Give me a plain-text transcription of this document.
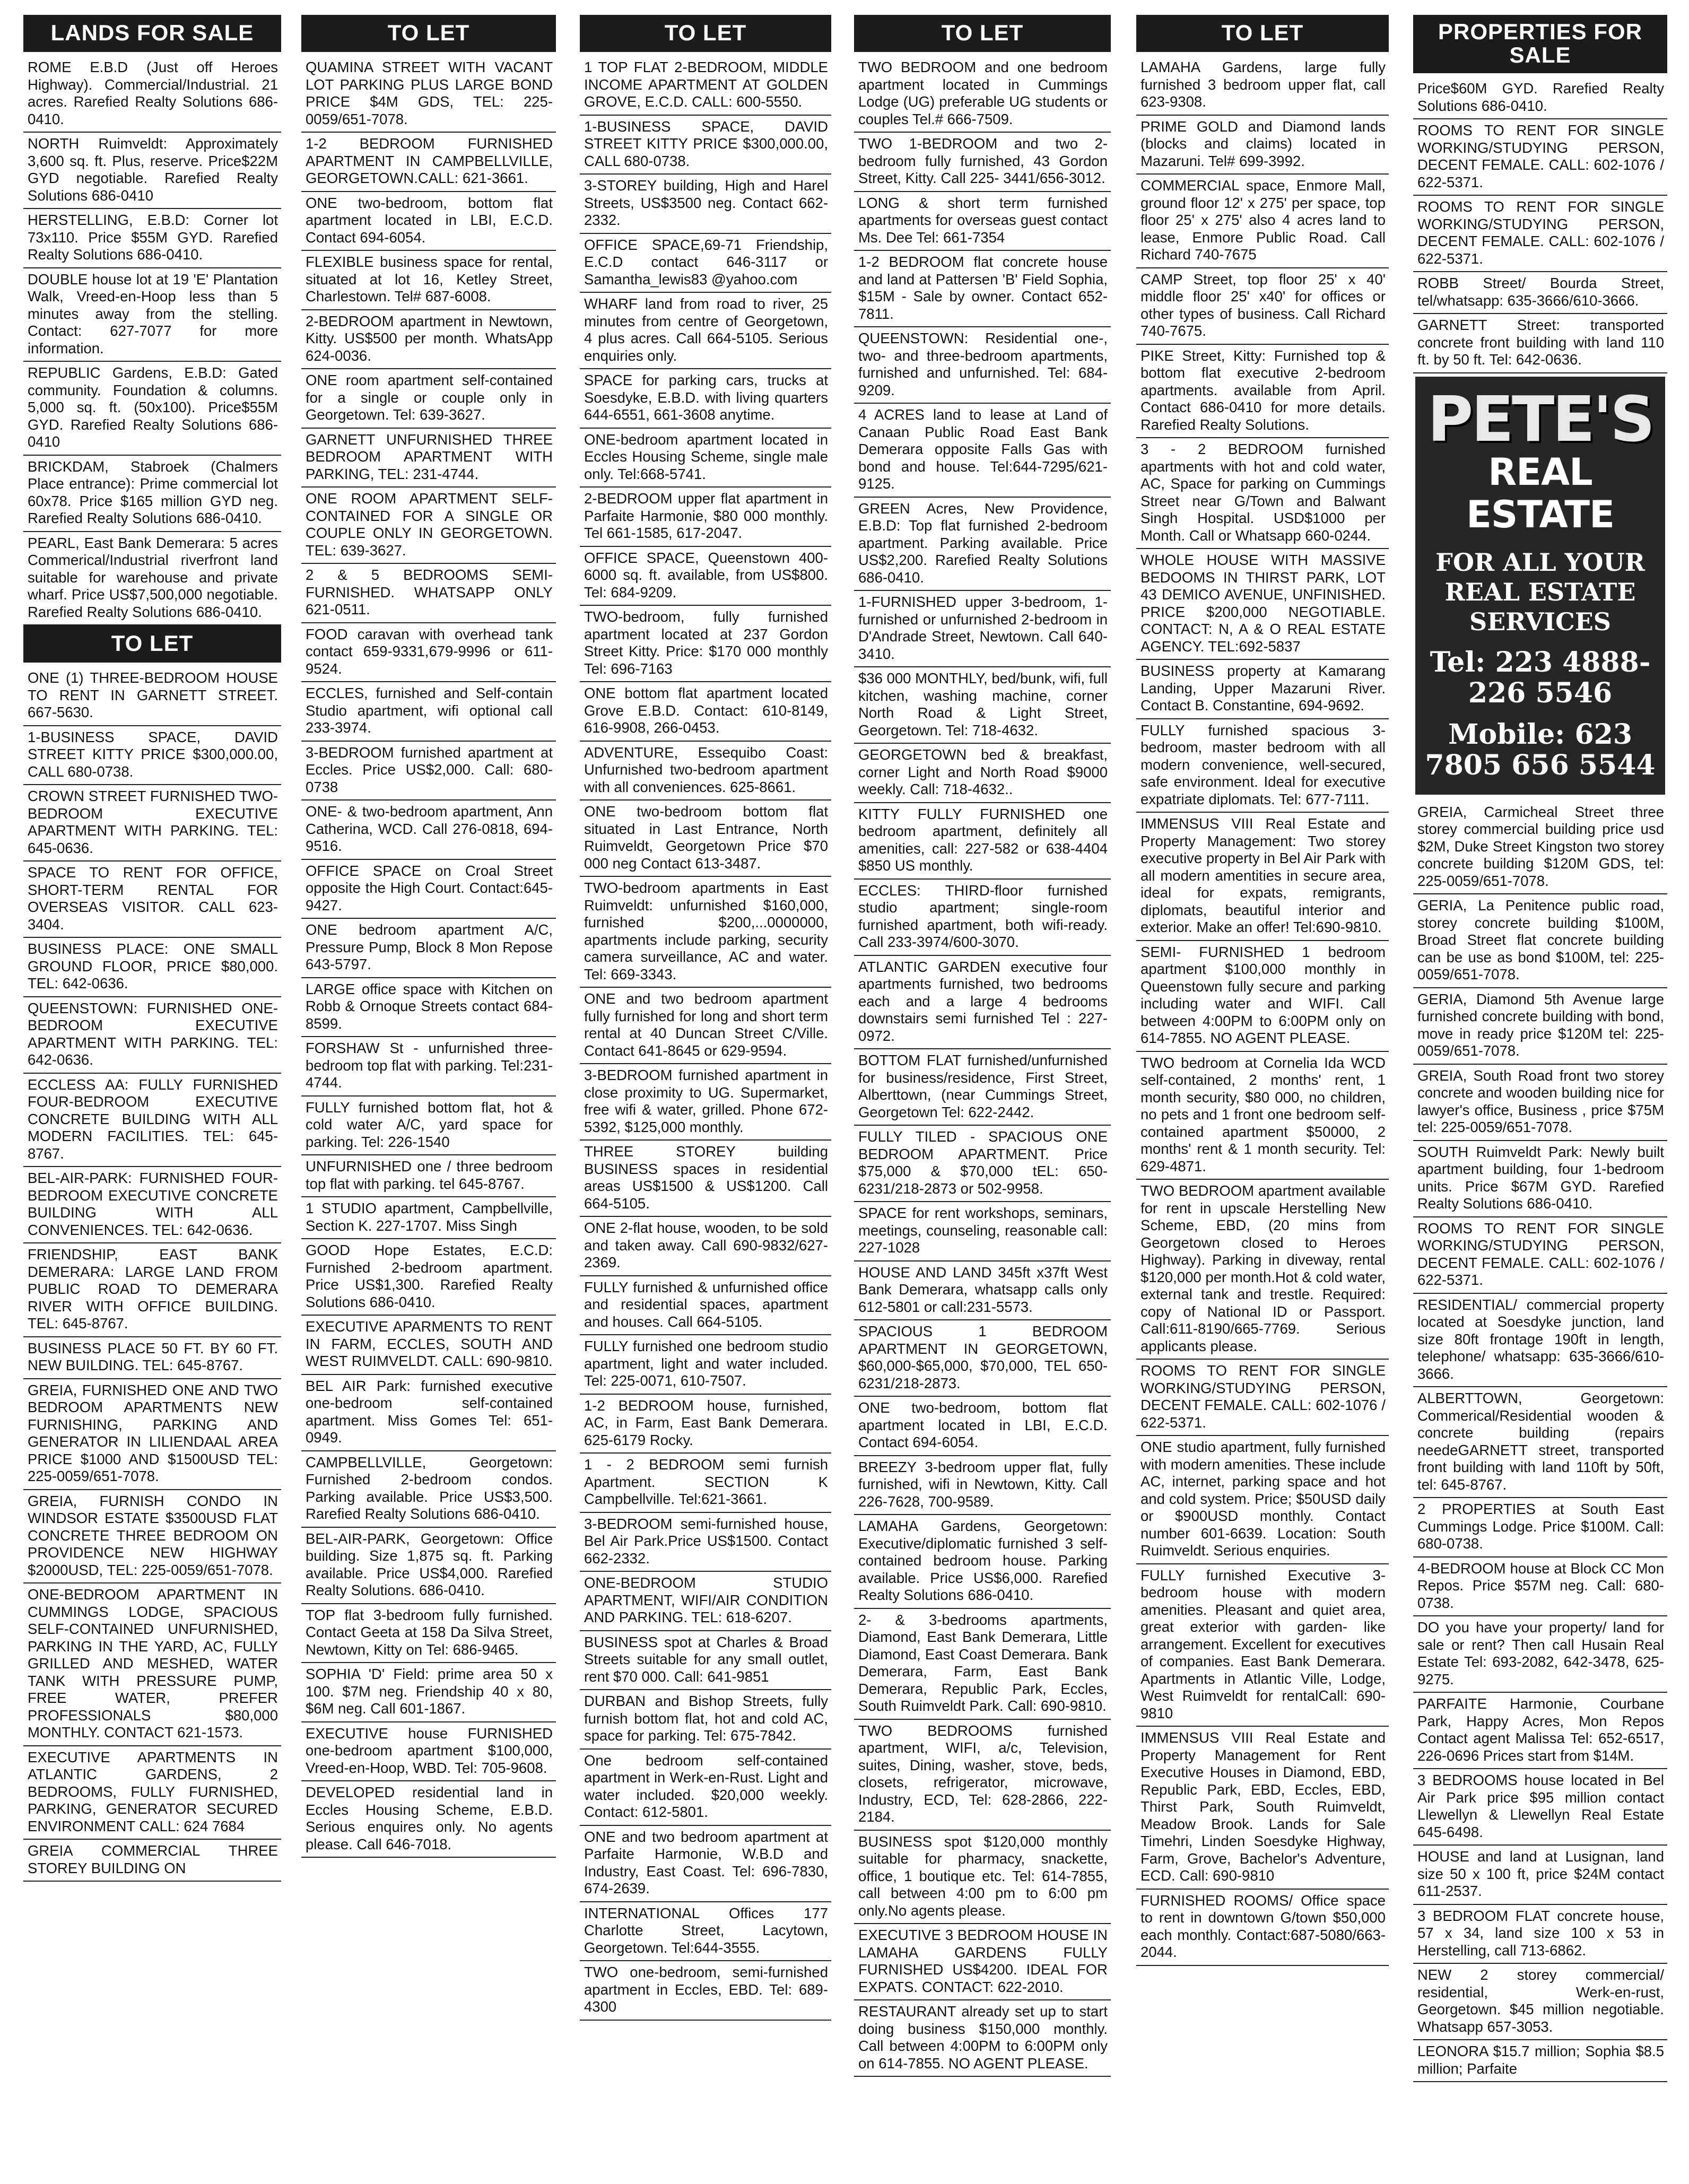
LANDS FOR SALE
ROME E.B.D (Just off Heroes Highway). Commercial/Industrial. 21 acres. Rarefied Realty Solutions 686-0410.
NORTH Ruimveldt: Approximately 3,600 sq. ft. Plus, reserve. Price$22M GYD negotiable. Rarefied Realty Solutions 686-0410
HERSTELLING, E.B.D: Corner lot 73x110. Price $55M GYD. Rarefied Realty Solutions 686-0410.
DOUBLE house lot at 19 'E' Plantation Walk, Vreed-en-Hoop less than 5 minutes away from the stelling. Contact: 627-7077 for more information.
REPUBLIC Gardens, E.B.D: Gated community. Foundation & columns. 5,000 sq. ft. (50x100). Price$55M GYD. Rarefied Realty Solutions 686-0410
BRICKDAM, Stabroek (Chalmers Place entrance): Prime commercial lot 60x78. Price $165 million GYD neg. Rarefied Realty Solutions 686-0410.
PEARL, East Bank Demerara: 5 acres Commerical/Industrial riverfront land suitable for warehouse and private wharf. Price US$7,500,000 negotiable. Rarefied Realty Solutions 686-0410.
TO LET
ONE (1) THREE-BEDROOM HOUSE TO RENT IN GARNETT STREET. 667-5630.
1-BUSINESS SPACE, DAVID STREET KITTY PRICE $300,000.00, CALL 680-0738.
CROWN STREET FURNISHED TWO-BEDROOM EXECUTIVE APARTMENT WITH PARKING. TEL: 645-0636.
SPACE TO RENT FOR OFFICE, SHORT-TERM RENTAL FOR OVERSEAS VISITOR. CALL 623-3404.
BUSINESS PLACE: ONE SMALL GROUND FLOOR, PRICE $80,000. TEL: 642-0636.
QUEENSTOWN: FURNISHED ONE-BEDROOM EXECUTIVE APARTMENT WITH PARKING. TEL: 642-0636.
ECCLESS AA: FULLY FURNISHED FOUR-BEDROOM EXECUTIVE CONCRETE BUILDING WITH ALL MODERN FACILITIES. TEL: 645-8767.
BEL-AIR-PARK: FURNISHED FOUR-BEDROOM EXECUTIVE CONCRETE BUILDING WITH ALL CONVENIENCES. TEL: 642-0636.
FRIENDSHIP, EAST BANK DEMERARA: LARGE LAND FROM PUBLIC ROAD TO DEMERARA RIVER WITH OFFICE BUILDING. TEL: 645-8767.
BUSINESS PLACE 50 FT. BY 60 FT. NEW BUILDING. TEL: 645-8767.
GREIA, FURNISHED ONE AND TWO BEDROOM APARTMENTS NEW FURNISHING, PARKING AND GENERATOR IN LILIENDAAL AREA PRICE $1000 AND $1500USD TEL: 225-0059/651-7078.
GREIA, FURNISH CONDO IN WINDSOR ESTATE $3500USD FLAT CONCRETE THREE BEDROOM ON PROVIDENCE NEW HIGHWAY $2000USD, TEL: 225-0059/651-7078.
ONE-BEDROOM APARTMENT IN CUMMINGS LODGE, SPACIOUS SELF-CONTAINED UNFURNISHED, PARKING IN THE YARD, AC, FULLY GRILLED AND MESHED, WATER TANK WITH PRESSURE PUMP, FREE WATER, PREFER PROFESSIONALS $80,000 MONTHLY. CONTACT 621-1573.
EXECUTIVE APARTMENTS IN ATLANTIC GARDENS, 2 BEDROOMS, FULLY FURNISHED, PARKING, GENERATOR SECURED ENVIRONMENT CALL: 624 7684
GREIA COMMERCIAL THREE STOREY BUILDING ON
TO LET
QUAMINA STREET WITH VACANT LOT PARKING PLUS LARGE BOND PRICE $4M GDS, TEL: 225-0059/651-7078.
1-2 BEDROOM FURNISHED APARTMENT IN CAMPBELLVILLE, GEORGETOWN.CALL: 621-3661.
ONE two-bedroom, bottom flat apartment located in LBI, E.C.D. Contact 694-6054.
FLEXIBLE business space for rental, situated at lot 16, Ketley Street, Charlestown. Tel# 687-6008.
2-BEDROOM apartment in Newtown, Kitty. US$500 per month. WhatsApp 624-0036.
ONE room apartment self-contained for a single or couple only in Georgetown. Tel: 639-3627.
GARNETT UNFURNISHED THREE BEDROOM APARTMENT WITH PARKING, TEL: 231-4744.
ONE ROOM APARTMENT SELF-CONTAINED FOR A SINGLE OR COUPLE ONLY IN GEORGETOWN. TEL: 639-3627.
2 & 5 BEDROOMS SEMI-FURNISHED. WHATSAPP ONLY 621-0511.
FOOD caravan with overhead tank contact 659-9331,679-9996 or 611-9524.
ECCLES, furnished and Self-contain Studio apartment, wifi optional call 233-3974.
3-BEDROOM furnished apartment at Eccles. Price US$2,000. Call: 680-0738
ONE- & two-bedroom apartment, Ann Catherina, WCD. Call 276-0818, 694-9516.
OFFICE SPACE on Croal Street opposite the High Court. Contact:645-9427.
ONE bedroom apartment A/C, Pressure Pump, Block 8 Mon Repose 643-5797.
LARGE office space with Kitchen on Robb & Ornoque Streets contact 684-8599.
FORSHAW St - unfurnished three-bedroom top flat with parking. Tel:231-4744.
FULLY furnished bottom flat, hot & cold water A/C, yard space for parking. Tel: 226-1540
UNFURNISHED one / three bedroom top flat with parking. tel 645-8767.
1 STUDIO apartment, Campbellville, Section K. 227-1707. Miss Singh
GOOD Hope Estates, E.C.D: Furnished 2-bedroom apartment. Price US$1,300. Rarefied Realty Solutions 686-0410.
EXECUTIVE APARMENTS TO RENT IN FARM, ECCLES, SOUTH AND WEST RUIMVELDT. CALL: 690-9810.
BEL AIR Park: furnished executive one-bedroom self-contained apartment. Miss Gomes Tel: 651-0949.
CAMPBELLVILLE, Georgetown: Furnished 2-bedroom condos. Parking available. Price US$3,500. Rarefied Realty Solutions 686-0410.
BEL-AIR-PARK, Georgetown: Office building. Size 1,875 sq. ft. Parking available. Price US$4,000. Rarefied Realty Solutions. 686-0410.
TOP flat 3-bedroom fully furnished. Contact Geeta at 158 Da Silva Street, Newtown, Kitty on Tel: 686-9465.
SOPHIA 'D' Field: prime area 50 x 100. $7M neg. Friendship 40 x 80, $6M neg. Call 601-1867.
EXECUTIVE house FURNISHED one-bedroom apartment $100,000, Vreed-en-Hoop, WBD. Tel: 705-9608.
DEVELOPED residential land in Eccles Housing Scheme, E.B.D. Serious enquires only. No agents please. Call 646-7018.
TO LET
1 TOP FLAT 2-BEDROOM, MIDDLE INCOME APARTMENT AT GOLDEN GROVE, E.C.D. CALL: 600-5550.
1-BUSINESS SPACE, DAVID STREET KITTY PRICE $300,000.00, CALL 680-0738.
3-STOREY building, High and Harel Streets, US$3500 neg. Contact 662-2332.
OFFICE SPACE,69-71 Friendship, E.C.D contact 646-3117 or Samantha_lewis83 @yahoo.com
WHARF land from road to river, 25 minutes from centre of Georgetown, 4 plus acres. Call 664-5105. Serious enquiries only.
SPACE for parking cars, trucks at Soesdyke, E.B.D. with living quarters 644-6551, 661-3608 anytime.
ONE-bedroom apartment located in Eccles Housing Scheme, single male only. Tel:668-5741.
2-BEDROOM upper flat apartment in Parfaite Harmonie, $80 000 monthly. Tel 661-1585, 617-2047.
OFFICE SPACE, Queenstown 400-6000 sq. ft. available, from US$800. Tel: 684-9209.
TWO-bedroom, fully furnished apartment located at 237 Gordon Street Kitty. Price: $170 000 monthly Tel: 696-7163
ONE bottom flat apartment located Grove E.B.D. Contact: 610-8149, 616-9908, 266-0453.
ADVENTURE, Essequibo Coast: Unfurnished two-bedroom apartment with all conveniences. 625-8661.
ONE two-bedroom bottom flat situated in Last Entrance, North Ruimveldt, Georgetown Price $70 000 neg Contact 613-3487.
TWO-bedroom apartments in East Ruimveldt: unfurnished $160,000, furnished $200,...0000000, apartments include parking, security camera surveillance, AC and water. Tel: 669-3343.
ONE and two bedroom apartment fully furnished for long and short term rental at 40 Duncan Street C/Ville. Contact 641-8645 or 629-9594.
3-BEDROOM furnished apartment in close proximity to UG. Supermarket, free wifi & water, grilled. Phone 672-5392, $125,000 monthly.
THREE STOREY building BUSINESS spaces in residential areas US$1500 & US$1200. Call 664-5105.
ONE 2-flat house, wooden, to be sold and taken away. Call 690-9832/627-2369.
FULLY furnished & unfurnished office and residential spaces, apartment and houses. Call 664-5105.
FULLY furnished one bedroom studio apartment, light and water included. Tel: 225-0071, 610-7507.
1-2 BEDROOM house, furnished, AC, in Farm, East Bank Demerara. 625-6179 Rocky.
1 - 2 BEDROOM semi furnish Apartment. SECTION K Campbellville. Tel:621-3661.
3-BEDROOM semi-furnished house, Bel Air Park.Price US$1500. Contact 662-2332.
ONE-BEDROOM STUDIO APARTMENT, WIFI/AIR CONDITION AND PARKING. TEL: 618-6207.
BUSINESS spot at Charles & Broad Streets suitable for any small outlet, rent $70 000. Call: 641-9851
DURBAN and Bishop Streets, fully furnish bottom flat, hot and cold AC, space for parking. Tel: 675-7842.
One bedroom self-contained apartment in Werk-en-Rust. Light and water included. $20,000 weekly. Contact: 612-5801.
ONE and two bedroom apartment at Parfaite Harmonie, W.B.D and Industry, East Coast. Tel: 696-7830, 674-2639.
INTERNATIONAL Offices 177 Charlotte Street, Lacytown, Georgetown. Tel:644-3555.
TWO one-bedroom, semi-furnished apartment in Eccles, EBD. Tel: 689-4300
TO LET
TWO BEDROOM and one bedroom apartment located in Cummings Lodge (UG) preferable UG students or couples Tel.# 666-7509.
TWO 1-BEDROOM and two 2-bedroom fully furnished, 43 Gordon Street, Kitty. Call 225- 3441/656-3012.
LONG & short term furnished apartments for overseas guest contact Ms. Dee Tel: 661-7354
1-2 BEDROOM flat concrete house and land at Pattersen 'B' Field Sophia, $15M - Sale by owner. Contact 652-7811.
QUEENSTOWN: Residential one-, two- and three-bedroom apartments, furnished and unfurnished. Tel: 684-9209.
4 ACRES land to lease at Land of Canaan Public Road East Bank Demerara opposite Falls Gas with bond and house. Tel:644-7295/621-9125.
GREEN Acres, New Providence, E.B.D: Top flat furnished 2-bedroom apartment. Parking available. Price US$2,200. Rarefied Realty Solutions 686-0410.
1-FURNISHED upper 3-bedroom, 1-furnished or unfurnished 2-bedroom in D'Andrade Street, Newtown. Call 640-3410.
$36 000 MONTHLY, bed/bunk, wifi, full kitchen, washing machine, corner North Road & Light Street, Georgetown. Tel: 718-4632.
GEORGETOWN bed & breakfast, corner Light and North Road $9000 weekly. Call: 718-4632..
KITTY FULLY FURNISHED one bedroom apartment, definitely all amenities, call: 227-582 or 638-4404 $850 US monthly.
ECCLES: THIRD-floor furnished studio apartment; single-room furnished apartment, both wifi-ready. Call 233-3974/600-3070.
ATLANTIC GARDEN executive four apartments furnished, two bedrooms each and a large 4 bedrooms downstairs semi furnished Tel : 227-0972.
BOTTOM FLAT furnished/unfurnished for business/residence, First Street, Alberttown, (near Cummings Street, Georgetown Tel: 622-2442.
FULLY TILED - SPACIOUS ONE BEDROOM APARTMENT. Price $75,000 & $70,000 tEL: 650-6231/218-2873 or 502-9958.
SPACE for rent workshops, seminars, meetings, counseling, reasonable call: 227-1028
HOUSE AND LAND 345ft x37ft West Bank Demerara, whatsapp calls only 612-5801 or call:231-5573.
SPACIOUS 1 BEDROOM APARTMENT IN GEORGETOWN, $60,000-$65,000, $70,000, TEL 650-6231/218-2873.
ONE two-bedroom, bottom flat apartment located in LBI, E.C.D. Contact 694-6054.
BREEZY 3-bedroom upper flat, fully furnished, wifi in Newtown, Kitty. Call 226-7628, 700-9589.
LAMAHA Gardens, Georgetown: Executive/diplomatic furnished 3 self-contained bedroom house. Parking available. Price US$6,000. Rarefied Realty Solutions 686-0410.
2- & 3-bedrooms apartments, Diamond, East Bank Demerara, Little Diamond, East Coast Demerara. Bank Demerara, Farm, East Bank Demerara, Republic Park, Eccles, South Ruimveldt Park. Call: 690-9810.
TWO BEDROOMS furnished apartment, WIFI, a/c, Television, suites, Dining, washer, stove, beds, closets, refrigerator, microwave, Industry, ECD, Tel: 628-2866, 222-2184.
BUSINESS spot $120,000 monthly suitable for pharmacy, snackette, office, 1 boutique etc. Tel: 614-7855, call between 4:00 pm to 6:00 pm only.No agents please.
EXECUTIVE 3 BEDROOM HOUSE IN LAMAHA GARDENS FULLY FURNISHED US$4200. IDEAL FOR EXPATS. CONTACT: 622-2010.
RESTAURANT already set up to start doing business $150,000 monthly. Call between 4:00PM to 6:00PM only on 614-7855. NO AGENT PLEASE.
TO LET
LAMAHA Gardens, large fully furnished 3 bedroom upper flat, call 623-9308.
PRIME GOLD and Diamond lands (blocks and claims) located in Mazaruni. Tel# 699-3992.
COMMERCIAL space, Enmore Mall, ground floor 12' x 275' per space, top floor 25' x 275' also 4 acres land to lease, Enmore Public Road. Call Richard 740-7675
CAMP Street, top floor 25' x 40' middle floor 25' x40' for offices or other types of business. Call Richard 740-7675.
PIKE Street, Kitty: Furnished top & bottom flat executive 2-bedroom apartments. available from April. Contact 686-0410 for more details. Rarefied Realty Solutions.
3 - 2 BEDROOM furnished apartments with hot and cold water, AC, Space for parking on Cummings Street near G/Town and Balwant Singh Hospital. USD$1000 per Month. Call or Whatsapp 660-0244.
WHOLE HOUSE WITH MASSIVE BEDOOMS IN THIRST PARK, LOT 43 DEMICO AVENUE, UNFINISHED. PRICE $200,000 NEGOTIABLE. CONTACT: N, A & O REAL ESTATE AGENCY. TEL:692-5837
BUSINESS property at Kamarang Landing, Upper Mazaruni River. Contact B. Constantine, 694-9692.
FULLY furnished spacious 3-bedroom, master bedroom with all modern convenience, well-secured, safe environment. Ideal for executive expatriate diplomats. Tel: 677-7111.
IMMENSUS VIII Real Estate and Property Management: Two storey executive property in Bel Air Park with all modern amentities in secure area, ideal for expats, remigrants, diplomats, beautiful interior and exterior. Make an offer! Tel:690-9810.
SEMI- FURNISHED 1 bedroom apartment $100,000 monthly in Queenstown fully secure and parking including water and WIFI. Call between 4:00PM to 6:00PM only on 614-7855. NO AGENT PLEASE.
TWO bedroom at Cornelia Ida WCD self-contained, 2 months' rent, 1 month security, $80 000, no children, no pets and 1 front one bedroom self-contained apartment $50000, 2 months' rent & 1 month security. Tel: 629-4871.
TWO BEDROOM apartment available for rent in upscale Herstelling New Scheme, EBD, (20 mins from Georgetown closed to Heroes Highway). Parking in diveway, rental $120,000 per month.Hot & cold water, external tank and trestle. Required: copy of National ID or Passport. Call:611-8190/665-7769. Serious applicants please.
ROOMS TO RENT FOR SINGLE WORKING/STUDYING PERSON, DECENT FEMALE. CALL: 602-1076 / 622-5371.
ONE studio apartment, fully furnished with modern amenities. These include AC, internet, parking space and hot and cold system. Price; $50USD daily or $900USD monthly. Contact number 601-6639. Location: South Ruimveldt. Serious enquiries.
FULLY furnished Executive 3-bedroom house with modern amenities. Pleasant and quiet area, great exterior with garden- like arrangement. Excellent for executives of companies. East Bank Demerara. Apartments in Atlantic Ville, Lodge, West Ruimveldt for rentalCall: 690-9810
IMMENSUS VIII Real Estate and Property Management for Rent Executive Houses in Diamond, EBD, Republic Park, EBD, Eccles, EBD, Thirst Park, South Ruimveldt, Meadow Brook. Lands for Sale Timehri, Linden Soesdyke Highway, Farm, Grove, Bachelor's Adventure, ECD. Call: 690-9810
FURNISHED ROOMS/ Office space to rent in downtown G/town $50,000 each monthly. Contact:687-5080/663-2044.
PROPERTIES FOR SALE
Price$60M GYD. Rarefied Realty Solutions 686-0410.
ROOMS TO RENT FOR SINGLE WORKING/STUDYING PERSON, DECENT FEMALE. CALL: 602-1076 / 622-5371.
ROOMS TO RENT FOR SINGLE WORKING/STUDYING PERSON, DECENT FEMALE. CALL: 602-1076 / 622-5371.
ROBB Street/ Bourda Street, tel/whatsapp: 635-3666/610-3666.
GARNETT Street: transported concrete front building with land 110 ft. by 50 ft. Tel: 642-0636.
PETE'S
REAL ESTATE
FOR ALL YOUR REAL ESTATE SERVICES
Tel: 223 4888- 226 5546
Mobile: 623 7805 656 5544
GREIA, Carmicheal Street three storey commercial building price usd $2M, Duke Street Kingston two storey concrete building $120M GDS, tel: 225-0059/651-7078.
GERIA, La Penitence public road, storey concrete building $100M, Broad Street flat concrete building can be use as bond $100M, tel: 225-0059/651-7078.
GERIA, Diamond 5th Avenue large furnished concrete building with bond, move in ready price $120M tel: 225-0059/651-7078.
GREIA, South Road front two storey concrete and wooden building nice for lawyer's office, Business , price $75M tel: 225-0059/651-7078.
SOUTH Ruimveldt Park: Newly built apartment building, four 1-bedroom units. Price $67M GYD. Rarefied Realty Solutions 686-0410.
ROOMS TO RENT FOR SINGLE WORKING/STUDYING PERSON, DECENT FEMALE. CALL: 602-1076 / 622-5371.
RESIDENTIAL/ commercial property located at Soesdyke junction, land size 80ft frontage 190ft in length, telephone/ whatsapp: 635-3666/610-3666.
ALBERTTOWN, Georgetown: Commerical/Residential wooden & concrete building (repairs needeGARNETT street, transported front building with land 110ft by 50ft, tel: 645-8767.
2 PROPERTIES at South East Cummings Lodge. Price $100M. Call: 680-0738.
4-BEDROOM house at Block CC Mon Repos. Price $57M neg. Call: 680-0738.
DO you have your property/ land for sale or rent? Then call Husain Real Estate Tel: 693-2082, 642-3478, 625-9275.
PARFAITE Harmonie, Courbane Park, Happy Acres, Mon Repos Contact agent Malissa Tel: 652-6517, 226-0696 Prices start from $14M.
3 BEDROOMS house located in Bel Air Park price $95 million contact Llewellyn & Llewellyn Real Estate 645-6498.
HOUSE and land at Lusignan, land size 50 x 100 ft, price $24M contact 611-2537.
3 BEDROOM FLAT concrete house, 57 x 34, land size 100 x 53 in Herstelling, call 713-6862.
NEW 2 storey commercial/ residential, Werk-en-rust, Georgetown. $45 million negotiable. Whatsapp 657-3053.
LEONORA $15.7 million; Sophia $8.5 million; Parfaite
